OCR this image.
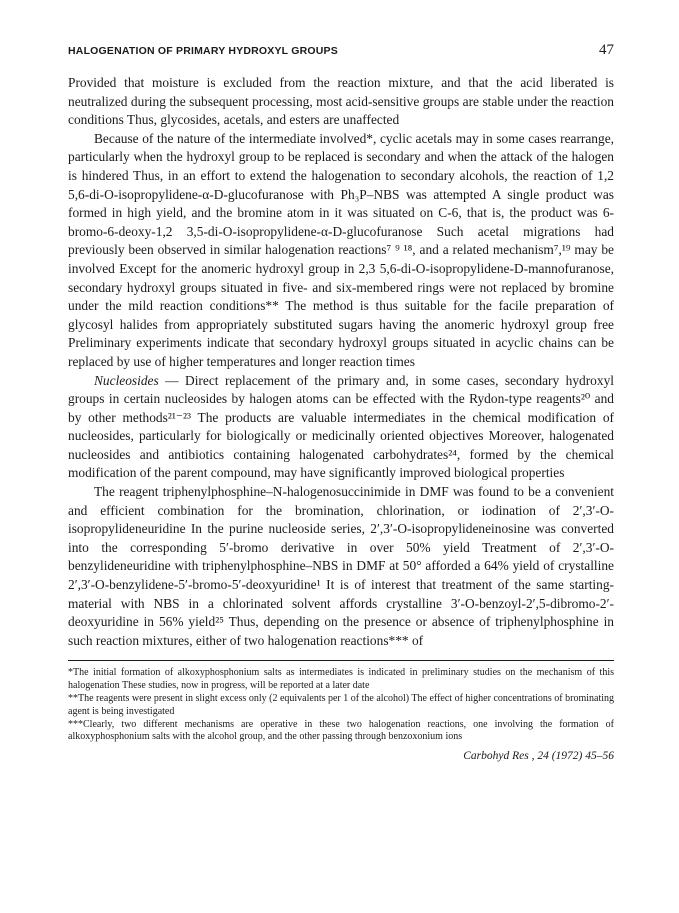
HALOGENATION OF PRIMARY HYDROXYL GROUPS	47

Provided that moisture is excluded from the reaction mixture, and that the acid liberated is neutralized during the subsequent processing, most acid-sensitive groups are stable under the reaction conditions Thus, glycosides, acetals, and esters are unaffected

Because of the nature of the intermediate involved*, cyclic acetals may in some cases rearrange, particularly when the hydroxyl group to be replaced is secondary and when the attack of the halogen is hindered Thus, in an effort to extend the halogenation to secondary alcohols, the reaction of 1,2 5,6-di-O-isopropylidene-α-D-glucofuranose with Ph₃P–NBS was attempted A single product was formed in high yield, and the bromine atom in it was situated on C-6, that is, the product was 6-bromo-6-deoxy-1,2 3,5-di-O-isopropylidene-α-D-glucofuranose Such acetal migrations had previously been observed in similar halogenation reactions⁷ ⁹ ¹⁸, and a related mechanism⁷,¹⁹ may be involved Except for the anomeric hydroxyl group in 2,3 5,6-di-O-isopropylidene-D-mannofuranose, secondary hydroxyl groups situated in five- and six-membered rings were not replaced by bromine under the mild reaction conditions** The method is thus suitable for the facile preparation of glycosyl halides from appropriately substituted sugars having the anomeric hydroxyl group free Preliminary experiments indicate that secondary hydroxyl groups situated in acyclic chains can be replaced by use of higher temperatures and longer reaction times

Nucleosides — Direct replacement of the primary and, in some cases, secondary hydroxyl groups in certain nucleosides by halogen atoms can be effected with the Rydon-type reagents²⁰ and by other methods²¹⁻²³ The products are valuable intermediates in the chemical modification of nucleosides, particularly for biologically or medicinally oriented objectives Moreover, halogenated nucleosides and antibiotics containing halogenated carbohydrates²⁴, formed by the chemical modification of the parent compound, may have significantly improved biological properties

The reagent triphenylphosphine–N-halogenosuccinimide in DMF was found to be a convenient and efficient combination for the bromination, chlorination, or iodination of 2′,3′-O-isopropylideneuridine In the purine nucleoside series, 2′,3′-O-isopropylideneinosine was converted into the corresponding 5′-bromo derivative in over 50% yield Treatment of 2′,3′-O-benzylideneuridine with triphenylphosphine–NBS in DMF at 50° afforded a 64% yield of crystalline 2′,3′-O-benzylidene-5′-bromo-5′-deoxyuridine¹ It is of interest that treatment of the same starting-material with NBS in a chlorinated solvent affords crystalline 3′-O-benzoyl-2′,5-dibromo-2′-deoxyuridine in 56% yield²⁵ Thus, depending on the presence or absence of triphenylphosphine in such reaction mixtures, either of two halogenation reactions*** of

*The initial formation of alkoxyphosphonium salts as intermediates is indicated in preliminary studies on the mechanism of this halogenation These studies, now in progress, will be reported at a later date

**The reagents were present in slight excess only (2 equivalents per 1 of the alcohol) The effect of higher concentrations of brominating agent is being investigated

***Clearly, two different mechanisms are operative in these two halogenation reactions, one involving the formation of alkoxyphosphonium salts with the alcohol group, and the other passing through benzoxonium ions

Carbohyd Res , 24 (1972) 45–56
